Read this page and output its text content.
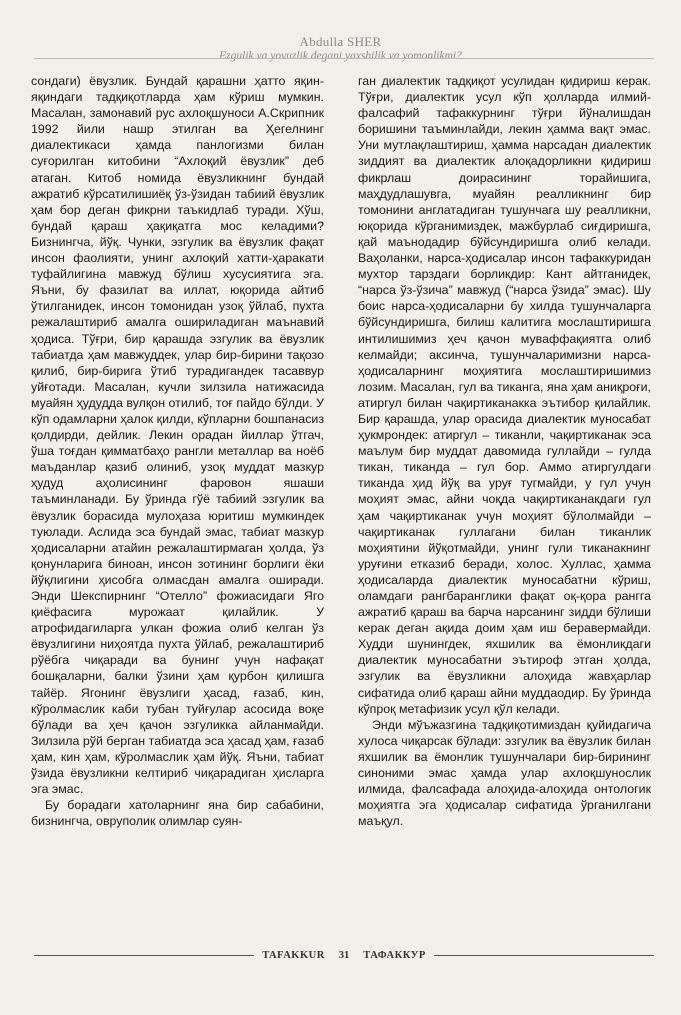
Abdulla SHER
Ezgulik va yovuzlik degani yaxshilik va yomonlikmi?

сондаги) ёвузлик. Бундай қарашни ҳатто яқин-яқиндаги тадқиқотларда ҳам кўриш мумкин. Масалан, замонавий рус ахлоқшуноси А.Скрипник 1992 йили нашр этилган ва Ҳегелнинг диалектикаси ҳамда панлогизми билан суғорилган китобини “Ахлоқий ёвузлик” деб атаган. Китоб номида ёвузликнинг бундай ажратиб кўрсатилишиёқ ўз-ўзидан табиий ёвузлик ҳам бор деган фикрни таъкидлаб туради. Хўш, бундай қараш ҳақиқатга мос келадими? Бизнингча, йўқ. Чунки, эзгулик ва ёвузлик фақат инсон фаолияти, унинг ахлоқий хатти-ҳаракати туфайлигина мавжуд бўлиш хусусиятига эга. Яъни, бу фазилат ва иллат, юқорида айтиб ўтилганидек, инсон томонидан узоқ ўйлаб, пухта режалаштириб амалга ошириладиган маънавий ҳодиса. Тўғри, бир қарашда эзгулик ва ёвузлик табиатда ҳам мавжуддек, улар бир-бирини тақозо қилиб, бир-бирига ўтиб турадигандек тасаввур уйғотади. Масалан, кучли зилзила натижасида муайян ҳудудда вулқон отилиб, тоғ пайдо бўлди. У кўп одамларни ҳалок қилди, кўпларни бошпанасиз қолдирди, дейлик. Лекин орадан йиллар ўтгач, ўша тоғдан қимматбаҳо рангли металлар ва ноёб маъданлар қазиб олиниб, узоқ муддат мазкур ҳудуд аҳолисининг фаровон яшаши таъминланади. Бу ўринда гўё табиий эзгулик ва ёвузлик борасида мулоҳаза юритиш мумкиндек туюлади. Аслида эса бундай эмас, табиат мазкур ҳодисаларни атайин режалаштирмаган ҳолда, ўз қонунларига биноан, инсон зотининг борлиги ёки йўқлигини ҳисобга олмасдан амалга оширади. Энди Шекспирнинг “Отелло” фожиасидаги Яго қиёфасига мурожаат қилайлик. У атрофидагиларга улкан фожиа олиб келган ўз ёвузлигини ниҳоятда пухта ўйлаб, режалаштириб рўёбга чиқаради ва бунинг учун нафақат бошқаларни, балки ўзини ҳам қурбон қилишга тайёр. Ягонинг ёвузлиги ҳасад, ғазаб, кин, кўролмаслик каби тубан туйғулар асосида воқе бўлади ва ҳеч қачон эзгуликка айланмайди. Зилзила рўй берган табиатда эса ҳасад ҳам, ғазаб ҳам, кин ҳам, кўролмаслик ҳам йўқ. Яъни, табиат ўзида ёвузликни келтириб чиқарадиган ҳисларга эга эмас.

Бу борадаги хатоларнинг яна бир сабабини, бизнингча, овруполик олимлар суян-

ган диалектик тадқиқот усулидан қидириш керак. Тўғри, диалектик усул кўп ҳолларда илмий-фалсафий тафаккурнинг тўғри йўналишдан боришини таъминлайди, лекин ҳамма вақт эмас. Уни мутлақлаштириш, ҳамма нарсадан диалектик зиддият ва диалектик алоқадорликни қидириш фикрлаш доирасининг торайишига, маҳдудлашувга, муайян реалликнинг бир томонини англатадиган тушунчага шу реалликни, юқорида кўрганимиздек, мажбурлаб сиғдиришга, қай маънодадир бўйсундиришга олиб келади. Ваҳоланки, нарса-ҳодисалар инсон тафаккуридан мухтор тарздаги борликдир: Кант айтганидек, “нарса ўз-ўзича” мавжуд (“нарса ўзида” эмас). Шу боис нарса-ҳодисаларни бу хилда тушунчаларга бўйсундиришга, билиш калитига мослаштиришга интилишимиз ҳеч қачон муваффақиятга олиб келмайди; аксинча, тушунчаларимизни нарса-ҳодисаларнинг моҳиятига мослаштиришимиз лозим. Масалан, гул ва тиканга, яна ҳам аниқроғи, атиргул билан чақиртиканакка эътибор қилайлик. Бир қарашда, улар орасида диалектик муносабат ҳукмрондек: атиргул – тиканли, чақиртиканак эса маълум бир муддат давомида гуллайди – гулда тикан, тиканда – гул бор. Аммо атиргулдаги тиканда ҳид йўқ ва уруғ тугмайди, у гул учун моҳият эмас, айни чоқда чақиртиканакдаги гул ҳам чақиртиканак учун моҳият бўлолмайди – чақиртиканак гуллагани билан тиканлик моҳиятини йўқотмайди, унинг гули тиканакнинг уруғини етказиб беради, холос. Хуллас, ҳамма ҳодисаларда диалектик муносабатни кўриш, оламдаги рангбаранглики фақат оқ-қора рангга ажратиб қараш ва барча нарсанинг зидди бўлиши керак деган ақида доим ҳам иш беравермайди. Худди шунингдек, яхшилик ва ёмонликдаги диалектик муносабатни эътироф этган ҳолда, эзгулик ва ёвузликни алоҳида жавҳарлар сифатида олиб қараш айни муддаодир. Бу ўринда кўпроқ метафизик усул қўл келади.

Энди мўъжазгина тадқиқотимиздан қуйидагича хулоса чиқарсак бўлади: эзгулик ва ёвузлик билан яхшилик ва ёмонлик тушунчалари бир-бирининг синоними эмас ҳамда улар ахлоқшунослик илмида, фалсафада алоҳида-алоҳида онтологик моҳиятга эга ҳодисалар сифатида ўрганилгани маъқул.

TAFAKKUR	31	ТАФАККУР
